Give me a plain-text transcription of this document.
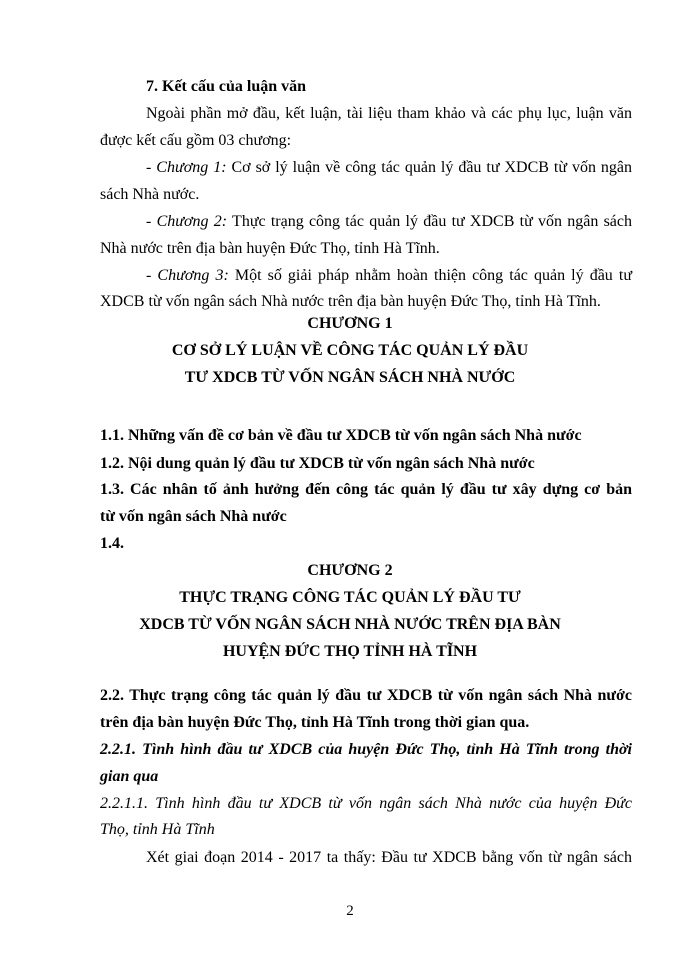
7. Kết cấu của luận văn
Ngoài phần mở đầu, kết luận, tài liệu tham khảo và các phụ lục, luận văn
được kết cấu gồm 03 chương:
- Chương 1: Cơ sở lý luận về công tác quản lý đầu tư XDCB từ vốn ngân
sách Nhà nước.
- Chương 2: Thực trạng công tác quản lý đầu tư XDCB từ vốn ngân sách
Nhà nước trên địa bàn huyện Đức Thọ, tỉnh Hà Tĩnh.
- Chương 3: Một số giải pháp nhằm hoàn thiện công tác quản lý đầu tư
XDCB từ vốn ngân sách Nhà nước trên địa bàn huyện Đức Thọ, tỉnh Hà Tĩnh.
CHƯƠNG 1
CƠ SỞ LÝ LUẬN VỀ CÔNG TÁC QUẢN LÝ ĐẦU
TƯ XDCB TỪ VỐN NGÂN SÁCH NHÀ NƯỚC
1.1. Những vấn đề cơ bản về đầu tư XDCB từ vốn ngân sách Nhà nước
1.2. Nội dung quản lý đầu tư XDCB từ vốn ngân sách Nhà nước
1.3. Các nhân tố ảnh hưởng đến công tác quản lý đầu tư xây dựng cơ bản
từ vốn ngân sách Nhà nước
1.4.
CHƯƠNG 2
THỰC TRẠNG CÔNG TÁC QUẢN LÝ ĐẦU TƯ
XDCB TỪ VỐN NGÂN SÁCH NHÀ NƯỚC TRÊN ĐỊA BÀN
HUYỆN ĐỨC THỌ TỈNH HÀ TĨNH
2.2. Thực trạng công tác quản lý đầu tư XDCB từ vốn ngân sách Nhà nước
trên địa bàn huyện Đức Thọ, tỉnh Hà Tĩnh trong thời gian qua.
2.2.1. Tình hình đầu tư XDCB của huyện Đức Thọ, tỉnh Hà Tĩnh trong thời
gian qua
2.2.1.1. Tình hình đầu tư XDCB từ vốn ngân sách Nhà nước của huyện Đức
Thọ, tỉnh Hà Tĩnh
Xét giai đoạn 2014 - 2017 ta thấy: Đầu tư XDCB bằng vốn từ ngân sách
2
